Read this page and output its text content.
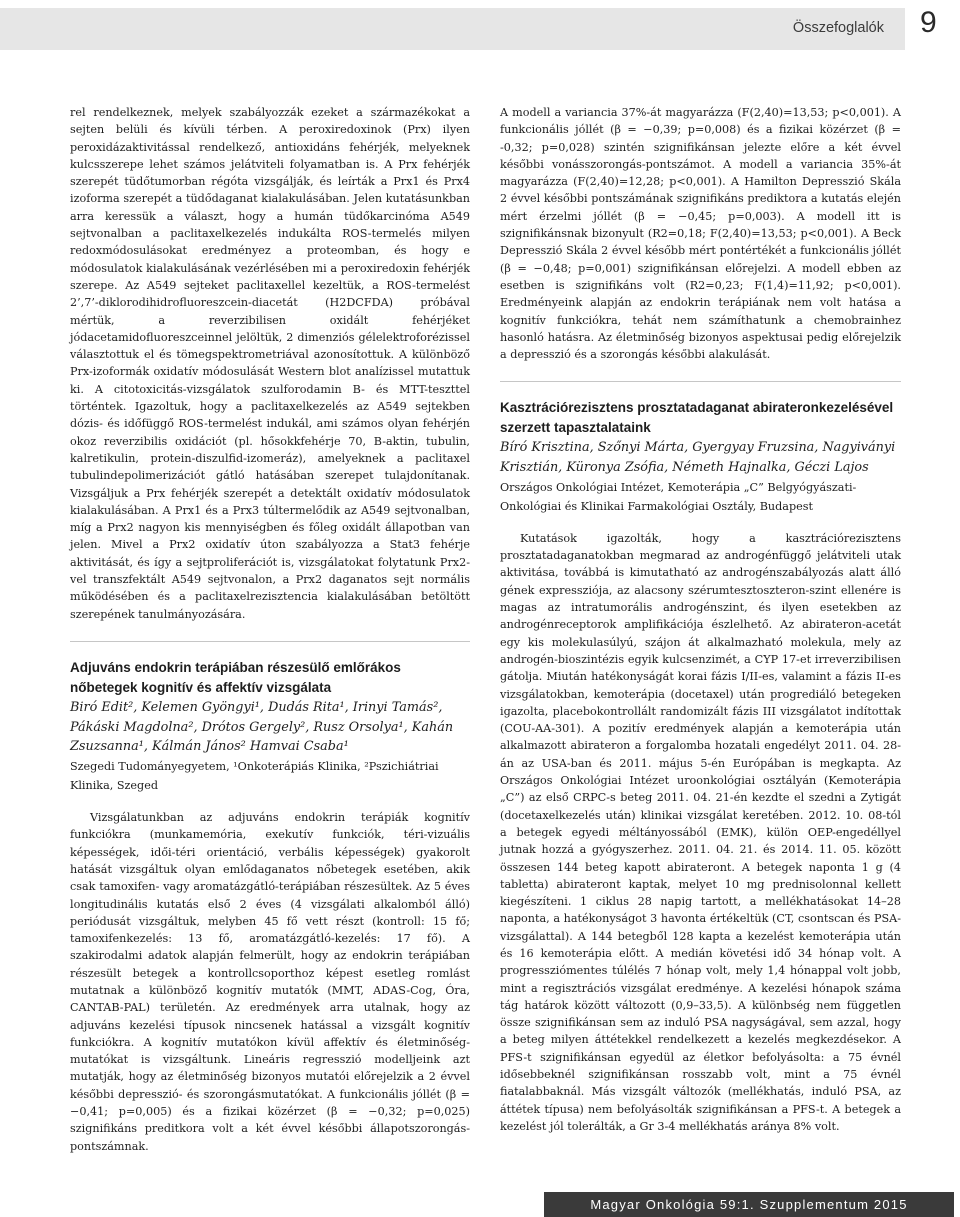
Összefoglalók 9

rel rendelkeznek, melyek szabályozzák ezeket a származékokat a sejten belüli és kívüli térben. A peroxiredoxinok (Prx) ilyen peroxidázaktivitással rendelkező, antioxidáns fehérjék, melyeknek kulcsszerepe lehet számos jelátviteli folyamatban is. A Prx fehérjék szerepét tüdőtumorban régóta vizsgálják, és leírták a Prx1 és Prx4 izoforma szerepét a tüdődaganat kialakulásában. Jelen kutatásunkban arra keressük a választ, hogy a humán tüdőkarcinóma A549 sejtvonalban a paclitaxelkezelés indukálta ROS-termelés milyen redoxmódosulásokat eredményez a proteomban, és hogy e módosulatok kialakulásának vezérlésében mi a peroxiredoxin fehérjék szerepe. Az A549 sejteket paclitaxellel kezeltük, a ROS-termelést 2’,7’-diklorodihidrofluoreszcein-diacetát (H2DCFDA) próbával mértük, a reverzibilisen oxidált fehérjéket jódacetamidofluoreszceinnel jelöltük, 2 dimenziós gélelektroforézissel választottuk el és tömegspektrometriával azonosítottuk. A különböző Prx-izoformák oxidatív módosulását Western blot analízissel mutattuk ki. A citotoxicitás-vizsgálatok szulforodamin B- és MTT-teszttel történtek. Igazoltuk, hogy a paclitaxelkezelés az A549 sejtekben dózis- és időfüggő ROS-termelést indukál, ami számos olyan fehérjén okoz reverzibilis oxidációt (pl. hősokkfehérje 70, B-aktin, tubulin, kalretikulin, protein-diszulfid-izomeráz), amelyeknek a paclitaxel tubulindepolimerizációt gátló hatásában szerepet tulajdonítanak. Vizsgáljuk a Prx fehérjék szerepét a detektált oxidatív módosulatok kialakulásában. A Prx1 és a Prx3 túltermelődik az A549 sejtvonalban, míg a Prx2 nagyon kis mennyiségben és főleg oxidált állapotban van jelen. Mivel a Prx2 oxidatív úton szabályozza a Stat3 fehérje aktivitását, és így a sejtproliferációt is, vizsgálatokat folytatunk Prx2-vel transzfektált A549 sejtvonalon, a Prx2 daganatos sejt normális működésében és a paclitaxelrezisztencia kialakulásában betöltött szerepének tanulmányozására.

Adjuváns endokrin terápiában részesülő emlőrákos nőbetegek kognitív és affektív vizsgálata

Biró Edit², Kelemen Gyöngyi¹, Dudás Rita¹, Irinyi Tamás², Pákáski Magdolna², Drótos Gergely², Rusz Orsolya¹, Kahán Zsuzsanna¹, Kálmán János² Hamvai Csaba¹

Szegedi Tudományegyetem, ¹Onkoterápiás Klinika, ²Pszichiátriai Klinika, Szeged

Vizsgálatunkban az adjuváns endokrin terápiák kognitív funkciókra (munkamemória, exekutív funkciók, téri-vizuális képességek, idői-téri orientáció, verbális képességek) gyakorolt hatását vizsgáltuk olyan emlődaganatos nőbetegek esetében, akik csak tamoxifen- vagy aromatázgátló-terápiában részesültek. Az 5 éves longitudinális kutatás első 2 éves (4 vizsgálati alkalomból álló) periódusát vizsgáltuk, melyben 45 fő vett részt (kontroll: 15 fő; tamoxifenkezelés: 13 fő, aromatázgátló-kezelés: 17 fő). A szakirodalmi adatok alapján felmerült, hogy az endokrin terápiában részesült betegek a kontrollcsoporthoz képest esetleg romlást mutatnak a különböző kognitív mutatók (MMT, ADAS-Cog, Óra, CANTAB-PAL) területén. Az eredmények arra utalnak, hogy az adjuváns kezelési típusok nincsenek hatással a vizsgált kognitív funkciókra. A kognitív mutatókon kívül affektív és életminőség-mutatókat is vizsgáltunk. Lineáris regresszió modelljeink azt mutatják, hogy az életminőség bizonyos mutatói előrejelzik a 2 évvel későbbi depresszió- és szorongásmutatókat. A funkcionális jóllét (β = −0,41; p=0,005) és a fizikai közérzet (β = −0,32; p=0,025) szignifikáns preditkora volt a két évvel későbbi állapotszorongás-pontszámnak.

A modell a variancia 37%-át magyarázza (F(2,40)=13,53; p<0,001). A funkcionális jóllét (β = −0,39; p=0,008) és a fizikai közérzet (β = -0,32; p=0,028) szintén szignifikánsan jelezte előre a két évvel későbbi vonásszorongás-pontszámot. A modell a variancia 35%-át magyarázza (F(2,40)=12,28; p<0,001). A Hamilton Depresszió Skála 2 évvel későbbi pontszámának szignifikáns prediktora a kutatás elején mért érzelmi jóllét (β = −0,45; p=0,003). A modell itt is szignifikánsnak bizonyult (R2=0,18; F(2,40)=13,53; p<0,001). A Beck Depresszió Skála 2 évvel később mért pontértékét a funkcionális jóllét (β = −0,48; p=0,001) szignifikánsan előrejelzi. A modell ebben az esetben is szignifikáns volt (R2=0,23; F(1,4)=11,92; p<0,001). Eredményeink alapján az endokrin terápiának nem volt hatása a kognitív funkciókra, tehát nem számíthatunk a chemobrainhez hasonló hatásra. Az életminőség bizonyos aspektusai pedig előrejelzik a depresszió és a szorongás későbbi alakulását.

Kasztrációrezisztens prosztatadaganat abirateronkezelésével szerzett tapasztalataink

Bíró Krisztina, Szőnyi Márta, Gyergyay Fruzsina, Nagyiványi Krisztián, Küronya Zsófia, Németh Hajnalka, Géczi Lajos

Országos Onkológiai Intézet, Kemoterápia „C” Belgyógyászati-Onkológiai és Klinikai Farmakológiai Osztály, Budapest

Kutatások igazolták, hogy a kasztrációrezisztens prosztatadaganatokban megmarad az androgénfüggő jelátviteli utak aktivitása, továbbá is kimutatható az androgénszabályozás alatt álló gének expressziója, az alacsony szérumtesztoszteron-szint ellenére is magas az intratumorális androgénszint, és ilyen esetekben az androgénreceptorok amplifikációja észlelhető. Az abirateron-acetát egy kis molekulasúlyú, szájon át alkalmazható molekula, mely az androgén-bioszintézis egyik kulcsenzimét, a CYP 17-et irreverzibilisen gátolja. Miután hatékonyságát korai fázis I/II-es, valamint a fázis II-es vizsgálatokban, kemoterápia (docetaxel) után progrediáló betegeken igazolta, placebokontrollált randomizált fázis III vizsgálatot indítottak (COU-AA-301). A pozitív eredmények alapján a kemoterápia után alkalmazott abirateron a forgalomba hozatali engedélyt 2011. 04. 28-án az USA-ban és 2011. május 5-én Európában is megkapta. Az Országos Onkológiai Intézet uroonkológiai osztályán (Kemoterápia „C”) az első CRPC-s beteg 2011. 04. 21-én kezdte el szedni a Zytigát (docetaxelkezelés után) klinikai vizsgálat keretében. 2012. 10. 08-tól a betegek egyedi méltányossából (EMK), külön OEP-engedéllyel jutnak hozzá a gyógyszerhez. 2011. 04. 21. és 2014. 11. 05. között összesen 144 beteg kapott abirateront. A betegek naponta 1 g (4 tabletta) abirateront kaptak, melyet 10 mg prednisolonnal kellett kiegészíteni. 1 ciklus 28 napig tartott, a mellékhatásokat 14–28 naponta, a hatékonyságot 3 havonta értékeltük (CT, csontscan és PSA-vizsgálattal). A 144 betegből 128 kapta a kezelést kemoterápia után és 16 kemoterápia előtt. A medián követési idő 34 hónap volt. A progressziómentes túlélés 7 hónap volt, mely 1,4 hónappal volt jobb, mint a regisztrációs vizsgálat eredménye. A kezelési hónapok száma tág határok között változott (0,9–33,5). A különbség nem független össze szignifikánsan sem az induló PSA nagyságával, sem azzal, hogy a beteg milyen áttétekkel rendelkezett a kezelés megkezdésekor. A PFS-t szignifikánsan egyedül az életkor befolyásolta: a 75 évnél idősebbeknél szignifikánsan rosszabb volt, mint a 75 évnél fiatalabbaknál. Más vizsgált változók (mellékhatás, induló PSA, az áttétek típusa) nem befolyásolták szignifikánsan a PFS-t. A betegek a kezelést jól tolerálták, a Gr 3-4 mellékhatás aránya 8% volt.

Magyar Onkológia 59:1. Szupplementum 2015
